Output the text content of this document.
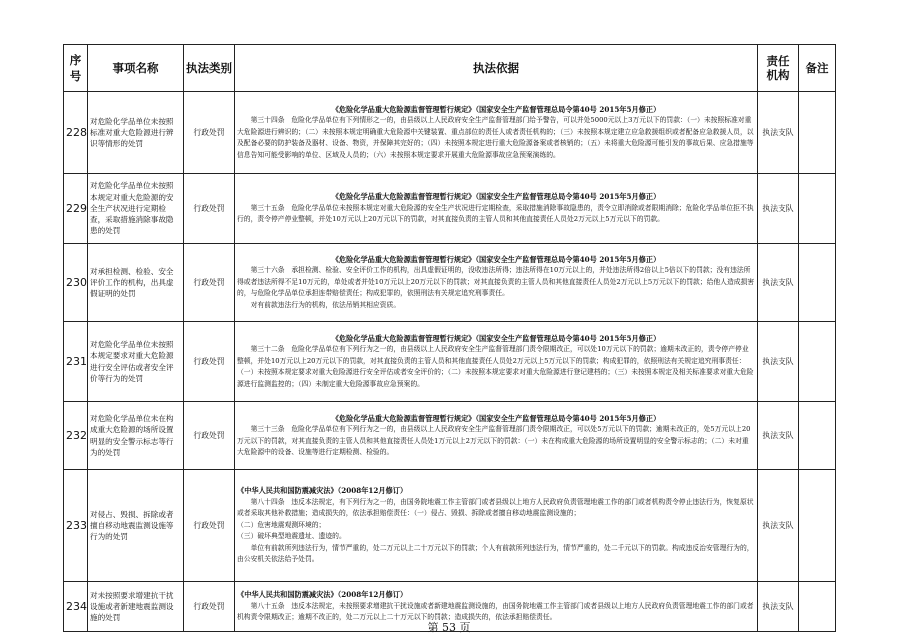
序号	事项名称	执法类别	执法依据	责任
机构	备注
228	对危险化学品单位未按照标准对重大危险源进行辨识等情形的处罚	行政处罚	《危险化学品重大危险源监督管理暂行规定》（国家安全生产监督管理总局令第40号 2015年5月修正）
第三十四条　危险化学品单位有下列情形之一的，由县级以上人民政府安全生产监督管理部门给予警告，可以并处5000元以上3万元以下的罚款：（一）未按照标准对重大危险源进行辨识的；（二）未按照本规定明确重大危险源中关键装置、重点部位的责任人或者责任机构的；（三）未按照本规定建立应急救援组织或者配备应急救援人员，以及配备必要的防护装备及器材、设备、物资，并保障其完好的；（四）未按照本规定进行重大危险源备案或者核销的；（五）未将重大危险源可能引发的事故后果、应急措施等信息告知可能受影响的单位、区域及人员的；（六）未按照本规定要求开展重大危险源事故应急预案演练的。	执法支队	
229	对危险化学品单位未按照本规定对重大危险源的安全生产状况进行定期检查，采取措施消除事故隐患的处罚	行政处罚	《危险化学品重大危险源监督管理暂行规定》（国家安全生产监督管理总局令第40号 2015年5月修正）
第三十五条　危险化学品单位未按照本规定对重大危险源的安全生产状况进行定期检查，采取措施消除事故隐患的，责令立即消除或者限期消除；危险化学品单位拒不执行的，责令停产停业整顿，并处10万元以上20万元以下的罚款，对其直接负责的主管人员和其他直接责任人员处2万元以上5万元以下的罚款。	执法支队	
230	对承担检测、检验、安全评价工作的机构，出具虚假证明的处罚	行政处罚	《危险化学品重大危险源监督管理暂行规定》（国家安全生产监督管理总局令第40号 2015年5月修正）
第三十六条　承担检测、检验、安全评价工作的机构，出具虚假证明的，没收违法所得；违法所得在10万元以上的，并处违法所得2倍以上5倍以下的罚款；没有违法所得或者违法所得不足10万元的，单处或者并处10万元以上20万元以下的罚款；对其直接负责的主管人员和其他直接责任人员处2万元以上5万元以下的罚款；给他人造成损害的，与危险化学品单位承担连带赔偿责任；构成犯罪的，依照刑法有关规定追究刑事责任。
对有前款违法行为的机构，依法吊销其相应资质。	执法支队	
231	对危险化学品单位未按照本规定要求对重大危险源进行安全评估或者安全评价等行为的处罚	行政处罚	《危险化学品重大危险源监督管理暂行规定》（国家安全生产监督管理总局令第40号 2015年5月修正）
第三十二条　危险化学品单位有下列行为之一的，由县级以上人民政府安全生产监督管理部门责令限期改正，可以处10万元以下的罚款；逾期未改正的，责令停产停业整顿，并处10万元以上20万元以下的罚款，对其直接负责的主管人员和其他直接责任人员处2万元以上5万元以下的罚款；构成犯罪的，依照刑法有关规定追究刑事责任：（一）未按照本规定要求对重大危险源进行安全评估或者安全评价的；（二）未按照本规定要求对重大危险源进行登记建档的；（三）未按照本规定及相关标准要求对重大危险源进行监测监控的；（四）未制定重大危险源事故应急预案的。	执法支队	
232	对危险化学品单位未在构成重大危险源的场所设置明显的安全警示标志等行为的处罚	行政处罚	《危险化学品重大危险源监督管理暂行规定》（国家安全生产监督管理总局令第40号 2015年5月修正）
第三十三条　危险化学品单位有下列行为之一的，由县级以上人民政府安全生产监督管理部门责令限期改正，可以处5万元以下的罚款；逾期未改正的，处5万元以上20万元以下的罚款，对其直接负责的主管人员和其他直接责任人员处1万元以上2万元以下的罚款：（一）未在构成重大危险源的场所设置明显的安全警示标志的；（二）未对重大危险源中的设备、设施等进行定期检测、检验的。	执法支队	
233	对侵占、毁损、拆除或者擅自移动地震监测设施等行为的处罚	行政处罚	《中华人民共和国防震减灾法》（2008年12月修订）
第八十四条　违反本法规定，有下列行为之一的，由国务院地震工作主管部门或者县级以上地方人民政府负责管理地震工作的部门或者机构责令停止违法行为，恢复原状或者采取其他补救措施；造成损失的，依法承担赔偿责任：（一）侵占、毁损、拆除或者擅自移动地震监测设施的；
（二）危害地震观测环境的；
（三）破坏典型地震遗址、遗迹的。
单位有前款所列违法行为，情节严重的，处二万元以上二十万元以下的罚款；个人有前款所列违法行为，情节严重的，处二千元以下的罚款。构成违反治安管理行为的，由公安机关依法给予处罚。	执法支队	
234	对未按照要求增建抗干扰设施或者新建地震监测设施的处罚	行政处罚	《中华人民共和国防震减灾法》（2008年12月修订）
第八十五条　违反本法规定，未按照要求增建抗干扰设施或者新建地震监测设施的，由国务院地震工作主管部门或者县级以上地方人民政府负责管理地震工作的部门或者机构责令限期改正；逾期不改正的，处二万元以上二十万元以下的罚款；造成损失的，依法承担赔偿责任。	执法支队	
第 53 页
